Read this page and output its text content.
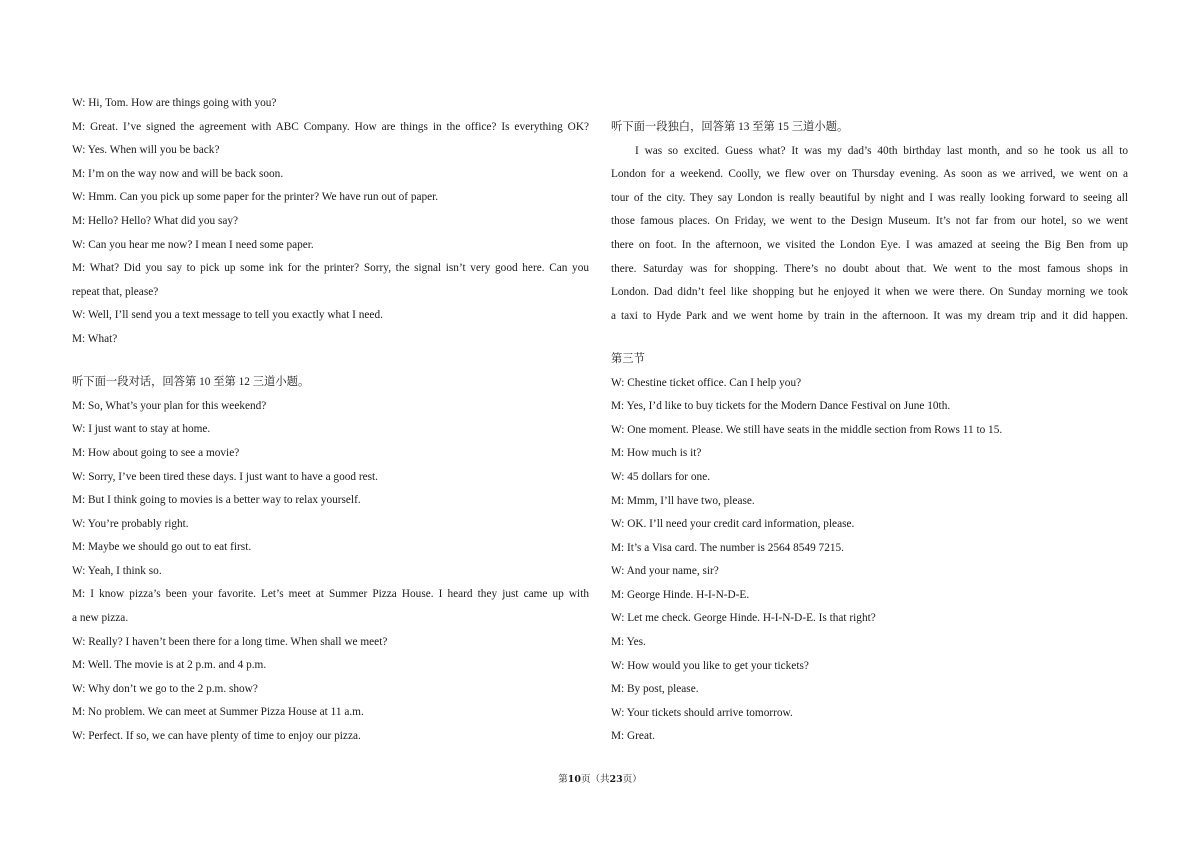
W: Hi, Tom. How are things going with you?
M: Great. I’ve signed the agreement with ABC Company. How are things in the office? Is everything OK?
W: Yes. When will you be back?
M: I’m on the way now and will be back soon.
W: Hmm. Can you pick up some paper for the printer? We have run out of paper.
M: Hello? Hello? What did you say?
W: Can you hear me now? I mean I need some paper.
M: What? Did you say to pick up some ink for the printer? Sorry, the signal isn’t very good here. Can you
repeat that, please?
W: Well, I’ll send you a text message to tell you exactly what I need.
M: What?
听下面一段对话，回答第 10 至第 12 三道小题。
M: So, What’s your plan for this weekend?
W: I just want to stay at home.
M: How about going to see a movie?
W: Sorry, I’ve been tired these days. I just want to have a good rest.
M: But I think going to movies is a better way to relax yourself.
W: You’re probably right.
M: Maybe we should go out to eat first.
W: Yeah, I think so.
M: I know pizza’s been your favorite. Let’s meet at Summer Pizza House. I heard they just came up with
a new pizza.
W: Really? I haven’t been there for a long time. When shall we meet?
M: Well. The movie is at 2 p.m. and 4 p.m.
W: Why don’t we go to the 2 p.m. show?
M: No problem. We can meet at Summer Pizza House at 11 a.m.
W: Perfect. If so, we can have plenty of time to enjoy our pizza.
听下面一段独白，回答第 13 至第 15 三道小题。
I was so excited. Guess what? It was my dad’s 40th birthday last month, and so he took us all to
London for a weekend. Coolly, we flew over on Thursday evening. As soon as we arrived, we went on a
tour of the city. They say London is really beautiful by night and I was really looking forward to seeing all
those famous places. On Friday, we went to the Design Museum. It’s not far from our hotel, so we went
there on foot. In the afternoon, we visited the London Eye. I was amazed at seeing the Big Ben from up
there. Saturday was for shopping. There’s no doubt about that. We went to the most famous shops in
London. Dad didn’t feel like shopping but he enjoyed it when we were there. On Sunday morning we took
a taxi to Hyde Park and we went home by train in the afternoon. It was my dream trip and it did happen.
第三节
W: Chestine ticket office. Can I help you?
M: Yes, I’d like to buy tickets for the Modern Dance Festival on June 10th.
W: One moment. Please. We still have seats in the middle section from Rows 11 to 15.
M: How much is it?
W: 45 dollars for one.
M: Mmm, I’ll have two, please.
W: OK. I’ll need your credit card information, please.
M: It’s a Visa card. The number is 2564 8549 7215.
W: And your name, sir?
M: George Hinde. H-I-N-D-E.
W: Let me check. George Hinde. H-I-N-D-E. Is that right?
M: Yes.
W: How would you like to get your tickets?
M: By post, please.
W: Your tickets should arrive tomorrow.
M: Great.
第10页（共23页）
